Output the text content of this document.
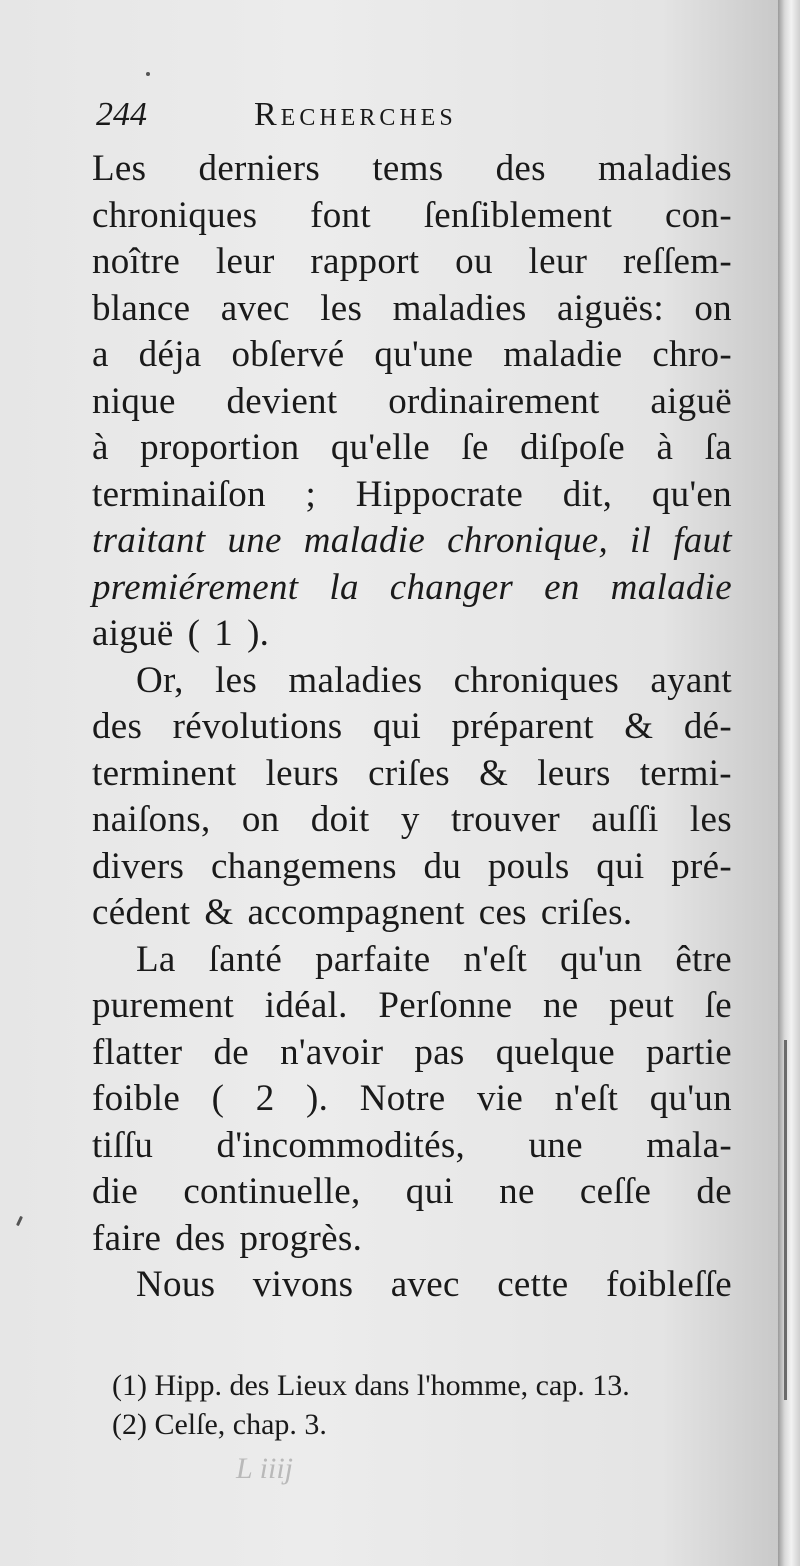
244	Recherches
Les derniers tems des maladies
chroniques font ſenſiblement con-
noître leur rapport ou leur reſſem-
blance avec les maladies aiguës: on
a déja obſervé qu'une maladie chro-
nique devient ordinairement aiguë
à proportion qu'elle ſe diſpoſe à ſa
terminaiſon ; Hippocrate dit, qu'en
traitant une maladie chronique, il faut
premiérement la changer en maladie
aiguë ( 1 ).
Or, les maladies chroniques ayant
des révolutions qui préparent & dé-
terminent leurs criſes & leurs termi-
naiſons, on doit y trouver auſſi les
divers changemens du pouls qui pré-
cédent & accompagnent ces criſes.
La ſanté parfaite n'eſt qu'un être
purement idéal. Perſonne ne peut ſe
flatter de n'avoir pas quelque partie
foible ( 2 ). Notre vie n'eſt qu'un
tiſſu d'incommodités, une mala-
die continuelle, qui ne ceſſe de
faire des progrès.
Nous vivons avec cette foibleſſe
(1) Hipp. des Lieux dans l'homme, cap. 13.
(2) Celſe, chap. 3.
L iiij
